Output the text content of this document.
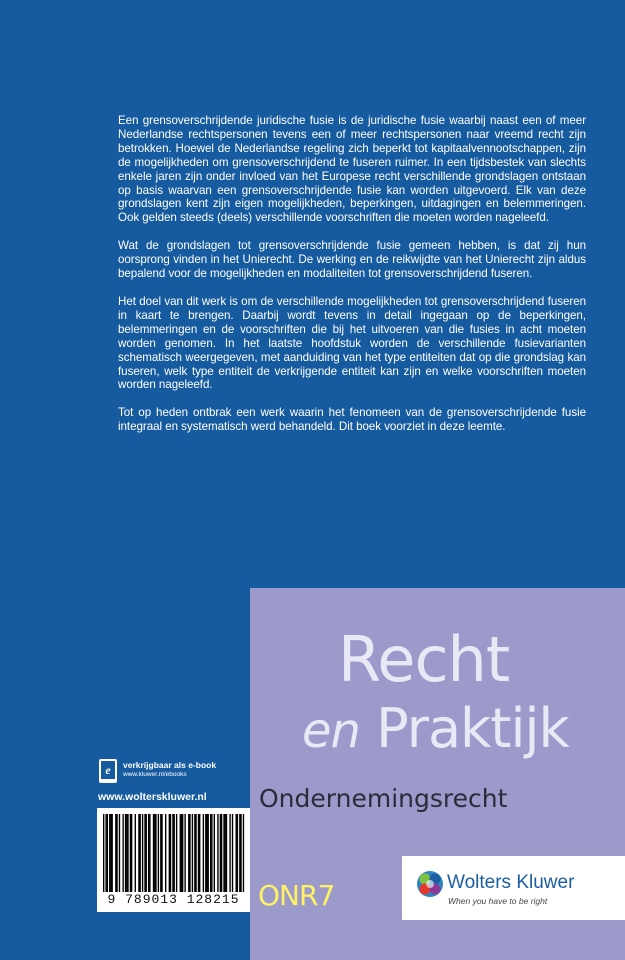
Een grensoverschrijdende juridische fusie is de juridische fusie waarbij naast een of meer Nederlandse rechtspersonen tevens een of meer rechtspersonen naar vreemd recht zijn betrokken. Hoewel de Nederlandse regeling zich beperkt tot kapitaalvennootschappen, zijn de mogelijkheden om grensoverschrijdend te fuseren ruimer. In een tijdsbestek van slechts enkele jaren zijn onder invloed van het Europese recht verschillende grondslagen ontstaan op basis waarvan een grensoverschrijdende fusie kan worden uitgevoerd. Elk van deze grondslagen kent zijn eigen mogelijkheden, beperkingen, uitdagingen en belemmeringen. Ook gelden steeds (deels) verschillende voorschriften die moeten worden nageleefd.

Wat de grondslagen tot grensoverschrijdende fusie gemeen hebben, is dat zij hun oorsprong vinden in het Unierecht. De werking en de reikwijdte van het Unierecht zijn aldus bepalend voor de mogelijkheden en modaliteiten tot grensoverschrijdend fuseren.

Het doel van dit werk is om de verschillende mogelijkheden tot grensoverschrijdend fuseren in kaart te brengen. Daarbij wordt tevens in detail ingegaan op de beperkingen, belemmeringen en de voorschriften die bij het uitvoeren van die fusies in acht moeten worden genomen. In het laatste hoofdstuk worden de verschillende fusievarianten schematisch weergegeven, met aanduiding van het type entiteiten dat op die grondslag kan fuseren, welk type entiteit de verkrijgende entiteit kan zijn en welke voorschriften moeten worden nageleefd.

Tot op heden ontbrak een werk waarin het fenomeen van de grensoverschrijdende fusie integraal en systematisch werd behandeld. Dit boek voorziet in deze leemte.

Recht
en Praktijk
Ondernemingsrecht
ONR7	Wolters Kluwer
When you have to be right
e verkrijgbaar als e-book
www.kluwer.nl/ebooks
www.wolterskluwer.nl
9 789013 128215
